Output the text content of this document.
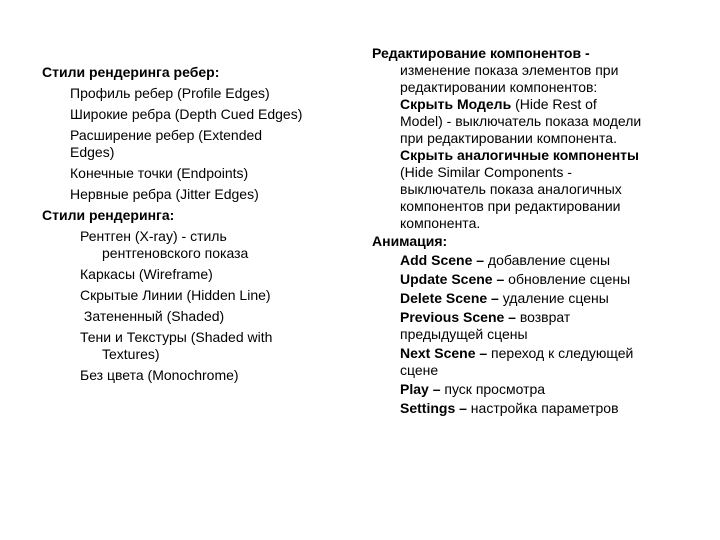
Стили рендеринга ребер:
Профиль ребер (Profile Edges)
Широкие ребра (Depth Cued Edges)
Расширение ребер (Extended
Edges)
Конечные точки (Endpoints)
Нервные ребра (Jitter Edges)
Стили рендеринга:
Рентген (X-ray) - стиль
рентгеновского показа
Каркасы (Wireframe)
Скрытые Линии (Hidden Line)
Затененный (Shaded)
Тени и Текстуры (Shaded with
Textures)
Без цвета (Monochrome)
Редактирование компонентов -
изменение показа элементов при
редактировании компонентов:
Скрыть Модель (Hide Rest of
Model) - выключатель показа модели
при редактировании компонента.
Скрыть аналогичные компоненты
(Hide Similar Components -
выключатель показа аналогичных
компонентов при редактировании
компонента.
Анимация:
Add Scene – добавление сцены
Update Scene – обновление сцены
Delete Scene – удаление сцены
Previous Scene – возврат
предыдущей сцены
Next Scene – переход к следующей
сцене
Play – пуск просмотра
Settings – настройка параметров
